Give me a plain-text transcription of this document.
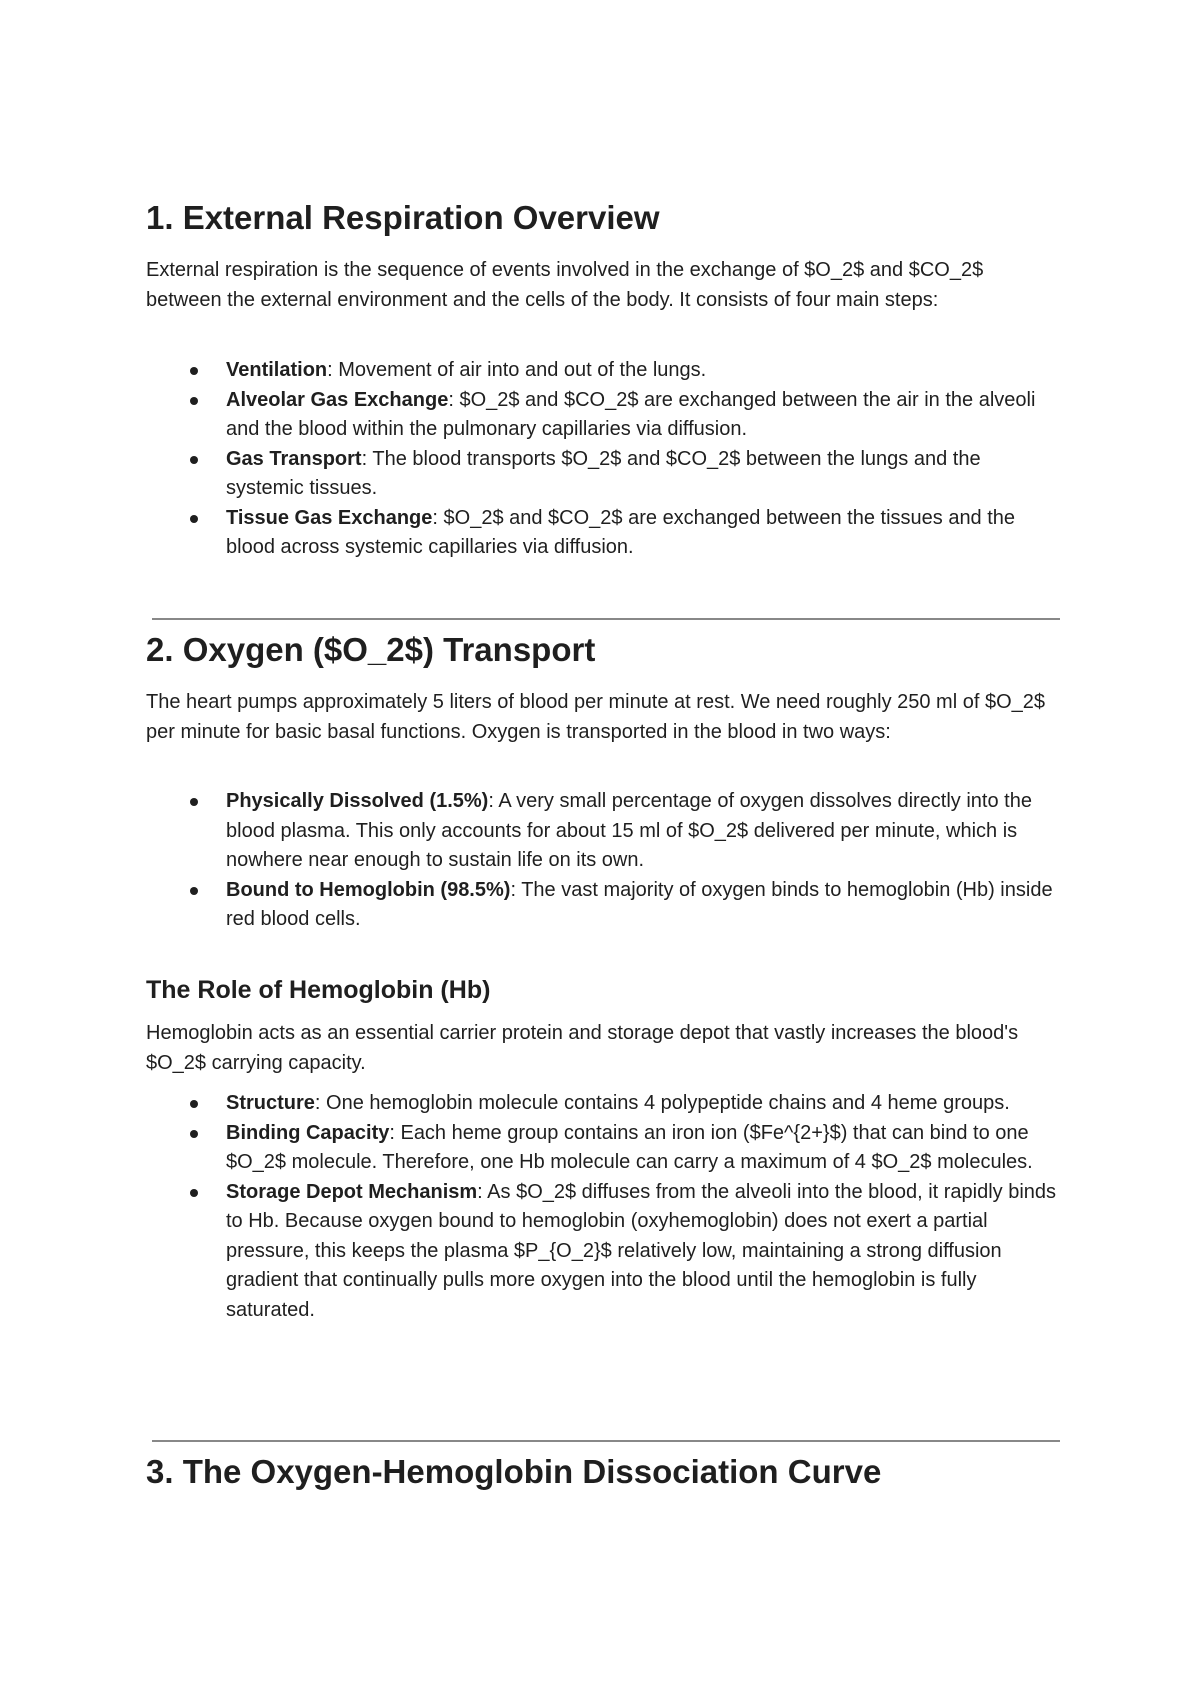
1. External Respiration Overview

External respiration is the sequence of events involved in the exchange of $O_2$ and $CO_2$ between the external environment and the cells of the body. It consists of four main steps:

Ventilation: Movement of air into and out of the lungs.
Alveolar Gas Exchange: $O_2$ and $CO_2$ are exchanged between the air in the alveoli and the blood within the pulmonary capillaries via diffusion.
Gas Transport: The blood transports $O_2$ and $CO_2$ between the lungs and the systemic tissues.
Tissue Gas Exchange: $O_2$ and $CO_2$ are exchanged between the tissues and the blood across systemic capillaries via diffusion.
2. Oxygen ($O_2$) Transport

The heart pumps approximately 5 liters of blood per minute at rest. We need roughly 250 ml of $O_2$ per minute for basic basal functions. Oxygen is transported in the blood in two ways:

Physically Dissolved (1.5%): A very small percentage of oxygen dissolves directly into the blood plasma. This only accounts for about 15 ml of $O_2$ delivered per minute, which is nowhere near enough to sustain life on its own.
Bound to Hemoglobin (98.5%): The vast majority of oxygen binds to hemoglobin (Hb) inside red blood cells.
The Role of Hemoglobin (Hb)

Hemoglobin acts as an essential carrier protein and storage depot that vastly increases the blood's $O_2$ carrying capacity.

Structure: One hemoglobin molecule contains 4 polypeptide chains and 4 heme groups.
Binding Capacity: Each heme group contains an iron ion ($Fe^{2+}$) that can bind to one $O_2$ molecule. Therefore, one Hb molecule can carry a maximum of 4 $O_2$ molecules.
Storage Depot Mechanism: As $O_2$ diffuses from the alveoli into the blood, it rapidly binds to Hb. Because oxygen bound to hemoglobin (oxyhemoglobin) does not exert a partial pressure, this keeps the plasma $P_{O_2}$ relatively low, maintaining a strong diffusion gradient that continually pulls more oxygen into the blood until the hemoglobin is fully saturated.
3. The Oxygen-Hemoglobin Dissociation Curve
